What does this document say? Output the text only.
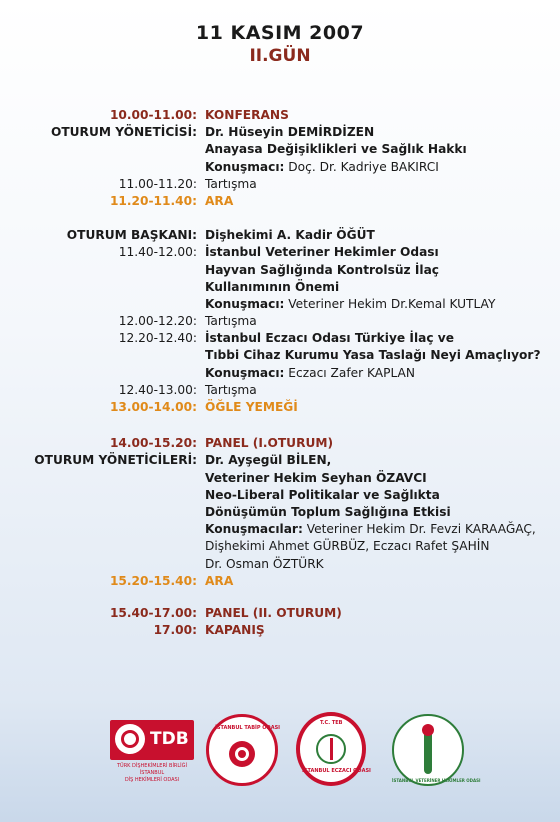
11 KASIM 2007
II.GÜN
10.00-11.00: KONFERANS
OTURUM YÖNETİCİSİ: Dr. Hüseyin DEMİRDİZEN
Anayasa Değişiklikleri ve Sağlık Hakkı
Konuşmacı: Doç. Dr. Kadriye BAKIRCI
11.00-11.20: Tartışma
11.20-11.40: ARA
OTURUM BAŞKANI: Dişhekimi A. Kadir ÖĞÜT
11.40-12.00: İstanbul Veteriner Hekimler Odası
Hayvan Sağlığında Kontrolsüz İlaç
Kullanımının Önemi
Konuşmacı: Veteriner Hekim Dr.Kemal KUTLAY
12.00-12.20: Tartışma
12.20-12.40: İstanbul Eczacı Odası Türkiye İlaç ve
Tıbbi Cihaz Kurumu Yasa Taslağı Neyi Amaçlıyor?
Konuşmacı: Eczacı Zafer KAPLAN
12.40-13.00: Tartışma
13.00-14.00: ÖĞLE YEMEĞİ
14.00-15.20: PANEL (I.OTURUM)
OTURUM YÖNETİCİLERİ: Dr. Ayşegül BİLEN,
Veteriner Hekim Seyhan ÖZAVCI
Neo-Liberal Politikalar ve Sağlıkta
Dönüşümün Toplum Sağlığına Etkisi
Konuşmacılar: Veteriner Hekim Dr. Fevzi KARAAĞAÇ,
Dişhekimi Ahmet GÜRBÜZ, Eczacı Rafet ŞAHİN
Dr. Osman ÖZTÜRK
15.20-15.40: ARA
15.40-17.00: PANEL (II. OTURUM)
17.00: KAPANIŞ
TDB
TÜRK DİŞHEKİMLERİ BİRLİĞİ
İSTANBUL
DİŞ HEKİMLERİ ODASI
İSTANBUL TABİP ODASI
T.C. TEB
İSTANBUL ECZACI ODASI
İSTANBUL VETERİNER HEKİMLER ODASI
